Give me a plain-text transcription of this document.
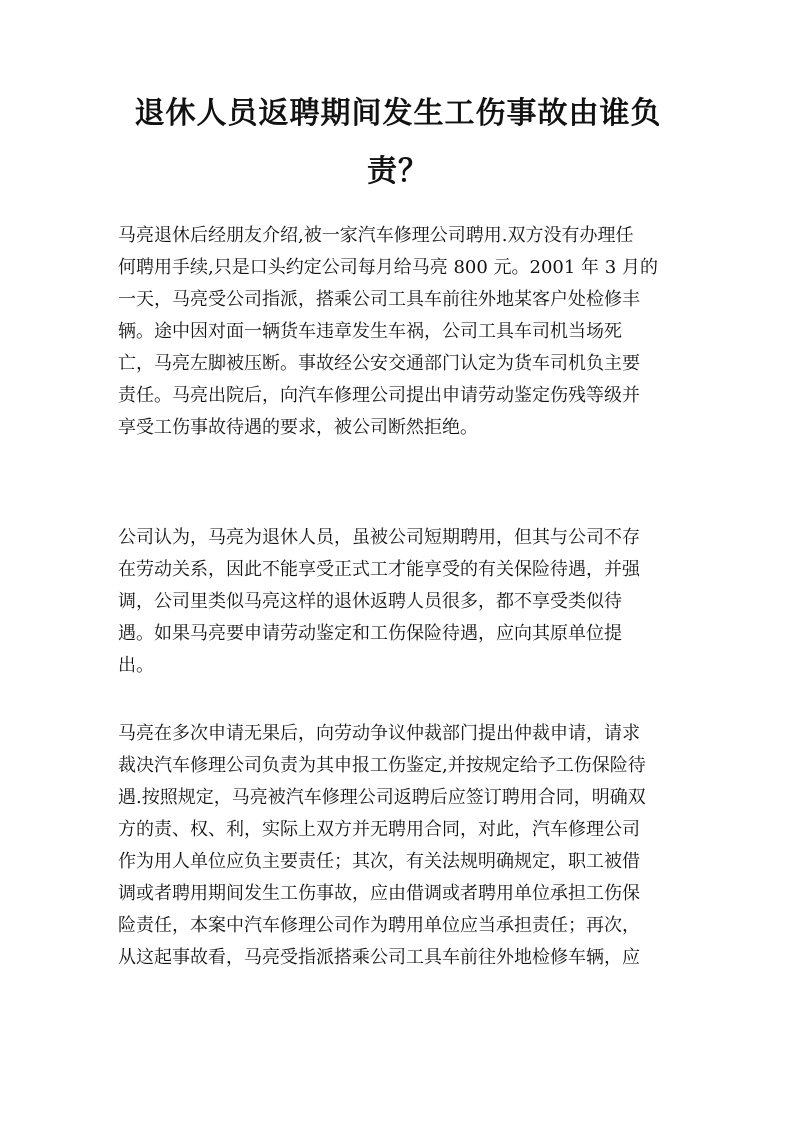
退休人员返聘期间发生工伤事故由谁负
责？
马亮退休后经朋友介绍,被一家汽车修理公司聘用.双方没有办理任
何聘用手续,只是口头约定公司每月给马亮 800 元。2001 年 3 月的
一天，马亮受公司指派，搭乘公司工具车前往外地某客户处检修丰
辆。途中因对面一辆货车违章发生车祸，公司工具车司机当场死
亡，马亮左脚被压断。事故经公安交通部门认定为货车司机负主要
责任。马亮出院后，向汽车修理公司提出申请劳动鉴定伤残等级并
享受工伤事故待遇的要求，被公司断然拒绝。
公司认为，马亮为退休人员，虽被公司短期聘用，但其与公司不存
在劳动关系，因此不能享受正式工才能享受的有关保险待遇，并强
调，公司里类似马亮这样的退休返聘人员很多，都不享受类似待
遇。如果马亮要申请劳动鉴定和工伤保险待遇，应向其原单位提
出。
马亮在多次申请无果后，向劳动争议仲裁部门提出仲裁申请，请求
裁决汽车修理公司负责为其申报工伤鉴定,并按规定给予工伤保险待
遇.按照规定，马亮被汽车修理公司返聘后应签订聘用合同，明确双
方的责、权、利，实际上双方并无聘用合同，对此，汽车修理公司
作为用人单位应负主要责任；其次，有关法规明确规定，职工被借
调或者聘用期间发生工伤事故，应由借调或者聘用单位承担工伤保
险责任，本案中汽车修理公司作为聘用单位应当承担责任；再次，
从这起事故看，马亮受指派搭乘公司工具车前往外地检修车辆，应
